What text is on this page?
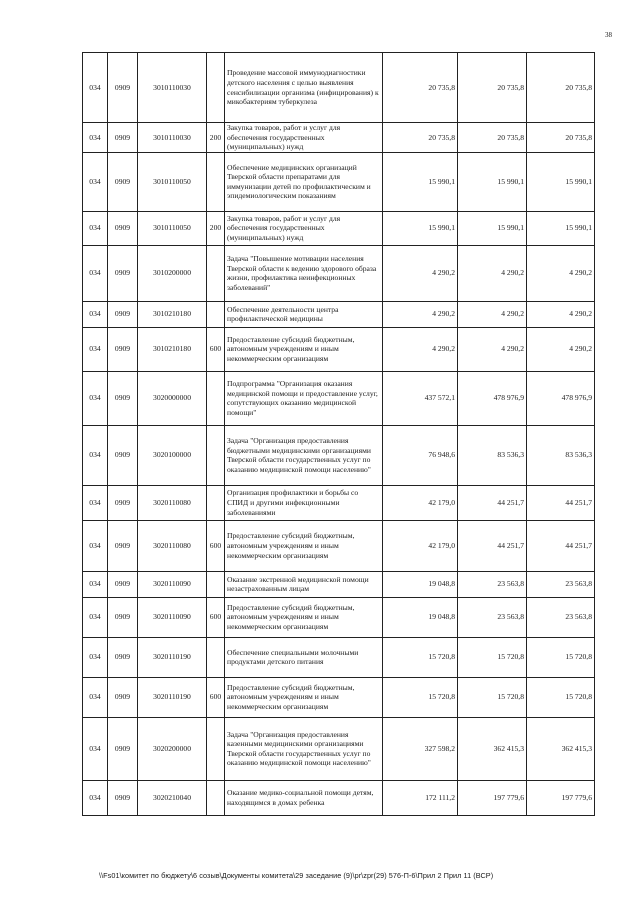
38
034	0909	3010110030		Проведение массовой иммунодиагностики детского населения с целью выявления сенсибилизации организма (инфицирования) к микобактериям туберкулеза	20 735,8	20 735,8	20 735,8
034	0909	3010110030	200	Закупка товаров, работ и услуг для обеспечения государственных (муниципальных) нужд	20 735,8	20 735,8	20 735,8
034	0909	3010110050		Обеспечение медицинских организаций Тверской области препаратами для иммунизации детей по профилактическим и эпидемиологическим показаниям	15 990,1	15 990,1	15 990,1
034	0909	3010110050	200	Закупка товаров, работ и услуг для обеспечения государственных (муниципальных) нужд	15 990,1	15 990,1	15 990,1
034	0909	3010200000		Задача "Повышение мотивации населения Тверской области к ведению здорового образа жизни, профилактика неинфекционных заболеваний"	4 290,2	4 290,2	4 290,2
034	0909	3010210180		Обеспечение деятельности центра профилактической медицины	4 290,2	4 290,2	4 290,2
034	0909	3010210180	600	Предоставление субсидий бюджетным, автономным учреждениям и иным некоммерческим организациям	4 290,2	4 290,2	4 290,2
034	0909	3020000000		Подпрограмма "Организация оказания медицинской помощи и предоставление услуг, сопутствующих оказанию медицинской помощи"	437 572,1	478 976,9	478 976,9
034	0909	3020100000		Задача "Организация предоставления бюджетными медицинскими организациями Тверской области государственных услуг по оказанию медицинской помощи населению"	76 948,6	83 536,3	83 536,3
034	0909	3020110080		Организация профилактики и борьбы со СПИД и другими инфекционными заболеваниями	42 179,0	44 251,7	44 251,7
034	0909	3020110080	600	Предоставление субсидий бюджетным, автономным учреждениям и иным некоммерческим организациям	42 179,0	44 251,7	44 251,7
034	0909	3020110090		Оказание экстренной медицинской помощи незастрахованным лицам	19 048,8	23 563,8	23 563,8
034	0909	3020110090	600	Предоставление субсидий бюджетным, автономным учреждениям и иным некоммерческим организациям	19 048,8	23 563,8	23 563,8
034	0909	3020110190		Обеспечение специальными молочными продуктами детского питания	15 720,8	15 720,8	15 720,8
034	0909	3020110190	600	Предоставление субсидий бюджетным, автономным учреждениям и иным некоммерческим организациям	15 720,8	15 720,8	15 720,8
034	0909	3020200000		Задача "Организация предоставления казенными медицинскими организациями Тверской области государственных услуг по оказанию медицинской помощи населению"	327 598,2	362 415,3	362 415,3
034	0909	3020210040		Оказание медико-социальной помощи детям, находящимся в домах ребенка	172 111,2	197 779,6	197 779,6
\\Fs01\комитет по бюджету\6 созыв\Документы комитета\29 заседание (9)\pr\zpr(29) 576-П-6\Прил 2 Прил 11 (ВСР)
